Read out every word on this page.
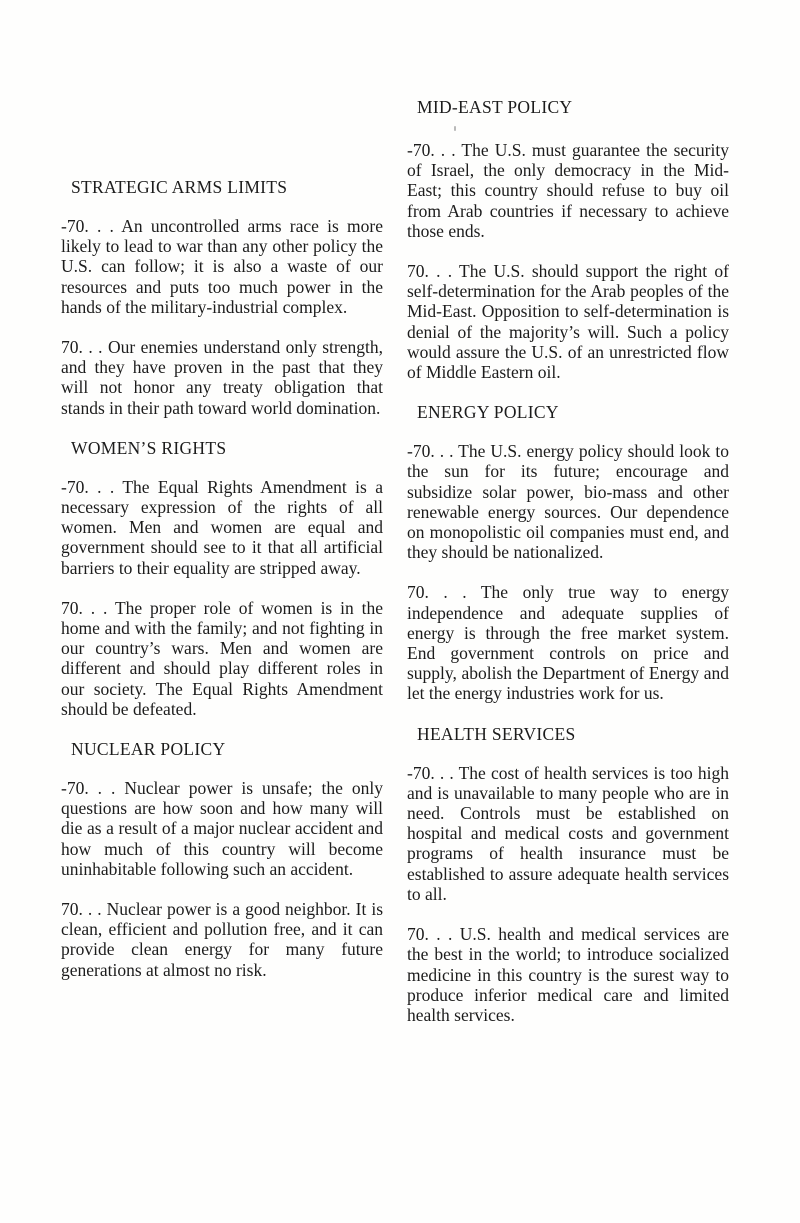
STRATEGIC ARMS LIMITS

-70. . . An uncontrolled arms race is more likely to lead to war than any other policy the U.S. can follow; it is also a waste of our resources and puts too much power in the hands of the military-industrial complex.

70. . . Our enemies understand only strength, and they have proven in the past that they will not honor any treaty obligation that stands in their path toward world domination.

WOMEN’S RIGHTS

-70. . . The Equal Rights Amendment is a necessary expression of the rights of all women. Men and women are equal and government should see to it that all artificial barriers to their equality are stripped away.

70. . . The proper role of women is in the home and with the family; and not fighting in our country’s wars. Men and women are different and should play different roles in our society. The Equal Rights Amendment should be defeated.

NUCLEAR POLICY

-70. . . Nuclear power is unsafe; the only questions are how soon and how many will die as a result of a major nuclear accident and how much of this country will become uninhabitable following such an accident.

70. . . Nuclear power is a good neighbor. It is clean, efficient and pollution free, and it can provide clean energy for many future generations at almost no risk.

MID-EAST POLICY

-70. . . The U.S. must guarantee the security of Israel, the only democracy in the Mid-East; this country should refuse to buy oil from Arab countries if necessary to achieve those ends.

70. . . The U.S. should support the right of self-determination for the Arab peoples of the Mid-East. Opposition to self-determination is denial of the majority’s will. Such a policy would assure the U.S. of an unrestricted flow of Middle Eastern oil.

ENERGY POLICY

-70. . . The U.S. energy policy should look to the sun for its future; encourage and subsidize solar power, bio-mass and other renewable energy sources. Our dependence on monopolistic oil companies must end, and they should be nationalized.

70. . . The only true way to energy independence and adequate supplies of energy is through the free market system. End government controls on price and supply, abolish the Department of Energy and let the energy industries work for us.

HEALTH SERVICES

-70. . . The cost of health services is too high and is unavailable to many people who are in need. Controls must be established on hospital and medical costs and government programs of health insurance must be established to assure adequate health services to all.

70. . . U.S. health and medical services are the best in the world; to introduce socialized medicine in this country is the surest way to produce inferior medical care and limited health services.
